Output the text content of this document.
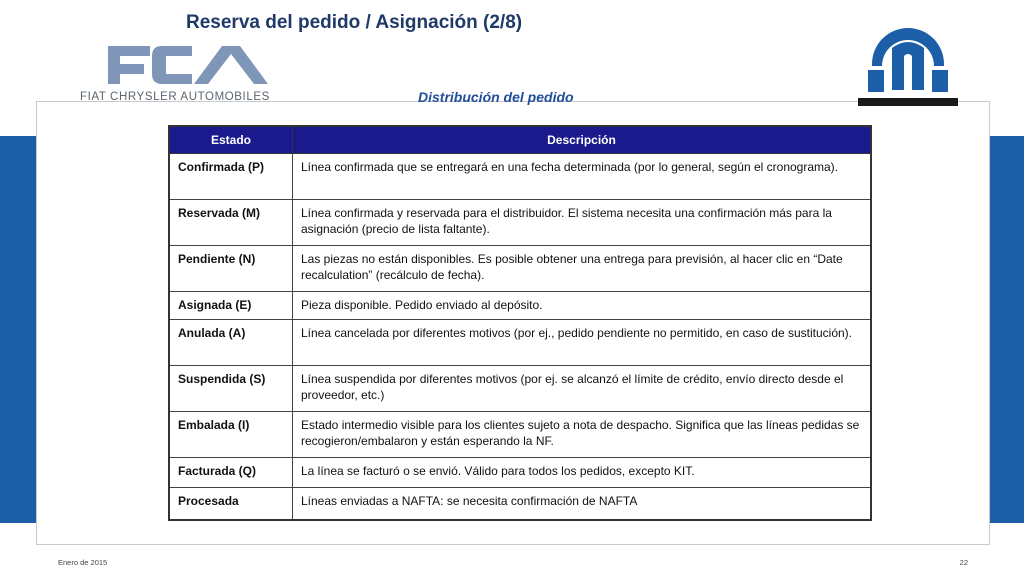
Reserva del pedido / Asignación (2/8)
FIAT CHRYSLER AUTOMOBILES	Distribución del pedido
Estado	Descripción
Confirmada (P)	Línea confirmada que se entregará en una fecha determinada (por lo general, según el cronograma).
Reservada (M)	Línea confirmada y reservada para el distribuidor. El sistema necesita una confirmación más para la asignación (precio de lista faltante).
Pendiente (N)	Las piezas no están disponibles. Es posible obtener una entrega para previsión, al hacer clic en “Date recalculation” (recálculo de fecha).
Asignada (E)	Pieza disponible. Pedido enviado al depósito.
Anulada (A)	Línea cancelada por diferentes motivos (por ej., pedido pendiente no permitido, en caso de sustitución).
Suspendida (S)	Línea suspendida por diferentes motivos (por ej. se alcanzó el límite de crédito, envío directo desde el proveedor, etc.)
Embalada (I)	Estado intermedio visible para los clientes sujeto a nota de despacho. Significa que las líneas pedidas se recogieron/embalaron y están esperando la NF.
Facturada (Q)	La línea se facturó o se envió. Válido para todos los pedidos, excepto KIT.
Procesada	Líneas enviadas a NAFTA: se necesita confirmación de NAFTA
Enero de 2015	22
